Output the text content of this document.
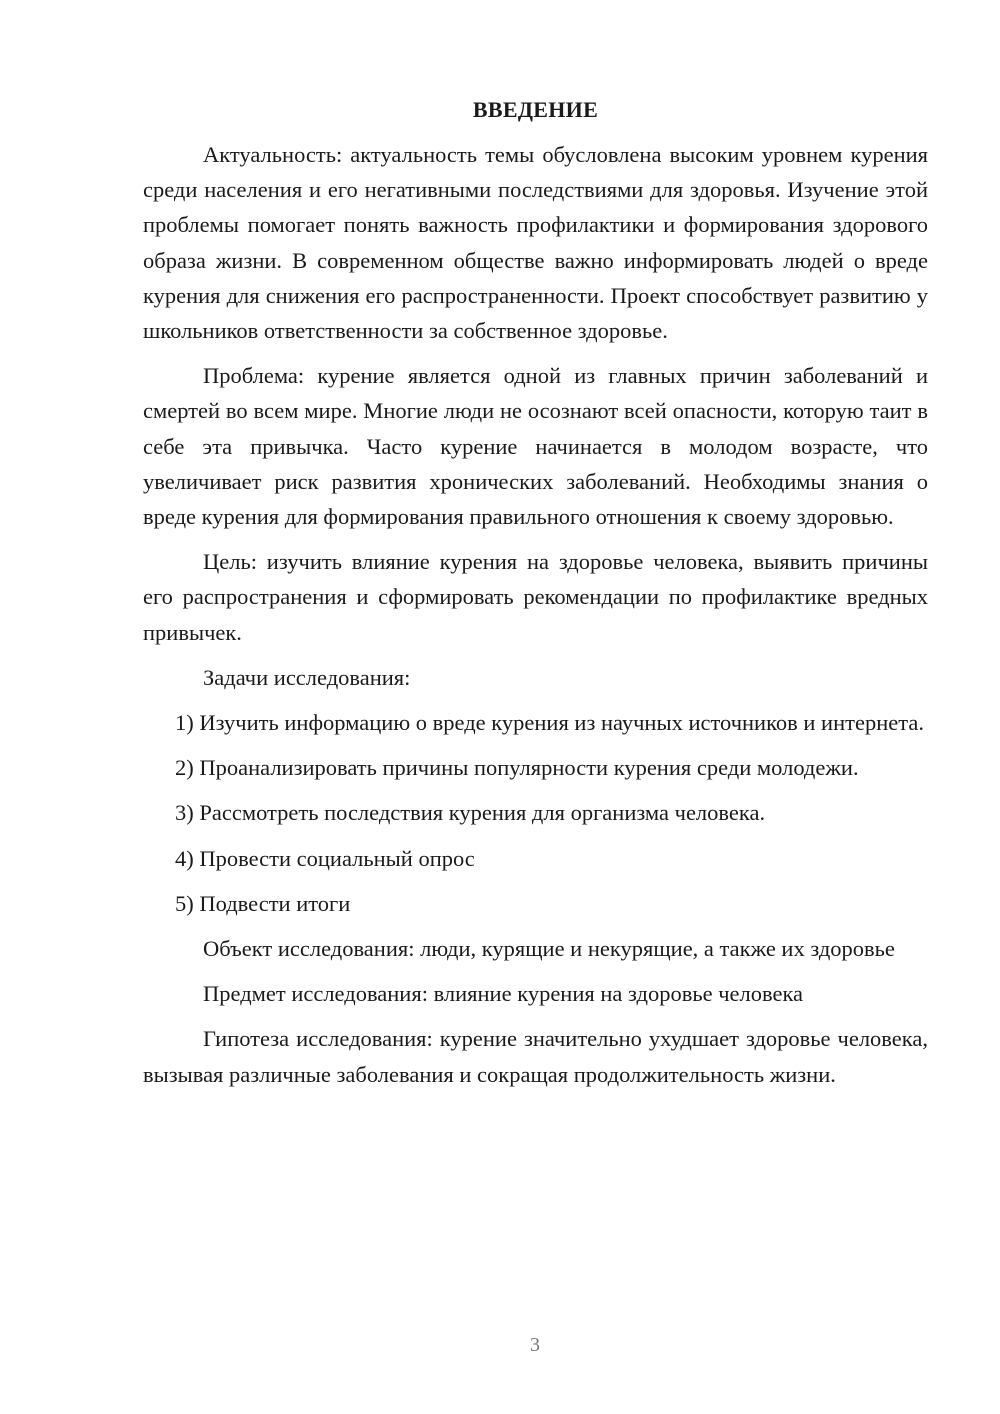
ВВЕДЕНИЕ

Актуальность: актуальность темы обусловлена высоким уровнем курения среди населения и его негативными последствиями для здоровья. Изучение этой проблемы помогает понять важность профилактики и формирования здорового образа жизни. В современном обществе важно информировать людей о вреде курения для снижения его распространенности. Проект способствует развитию у школьников ответственности за собственное здоровье.

Проблема: курение является одной из главных причин заболеваний и смертей во всем мире. Многие люди не осознают всей опасности, которую таит в себе эта привычка. Часто курение начинается в молодом возрасте, что увеличивает риск развития хронических заболеваний. Необходимы знания о вреде курения для формирования правильного отношения к своему здоровью.

Цель: изучить влияние курения на здоровье человека, выявить причины его распространения и сформировать рекомендации по профилактике вредных привычек.

Задачи исследования:

1) Изучить информацию о вреде курения из научных источников и интернета.

2) Проанализировать причины популярности курения среди молодежи.

3) Рассмотреть последствия курения для организма человека.

4) Провести социальный опрос

5) Подвести итоги

Объект исследования: люди, курящие и некурящие, а также их здоровье

Предмет исследования: влияние курения на здоровье человека

Гипотеза исследования: курение значительно ухудшает здоровье человека, вызывая различные заболевания и сокращая продолжительность жизни.

3
